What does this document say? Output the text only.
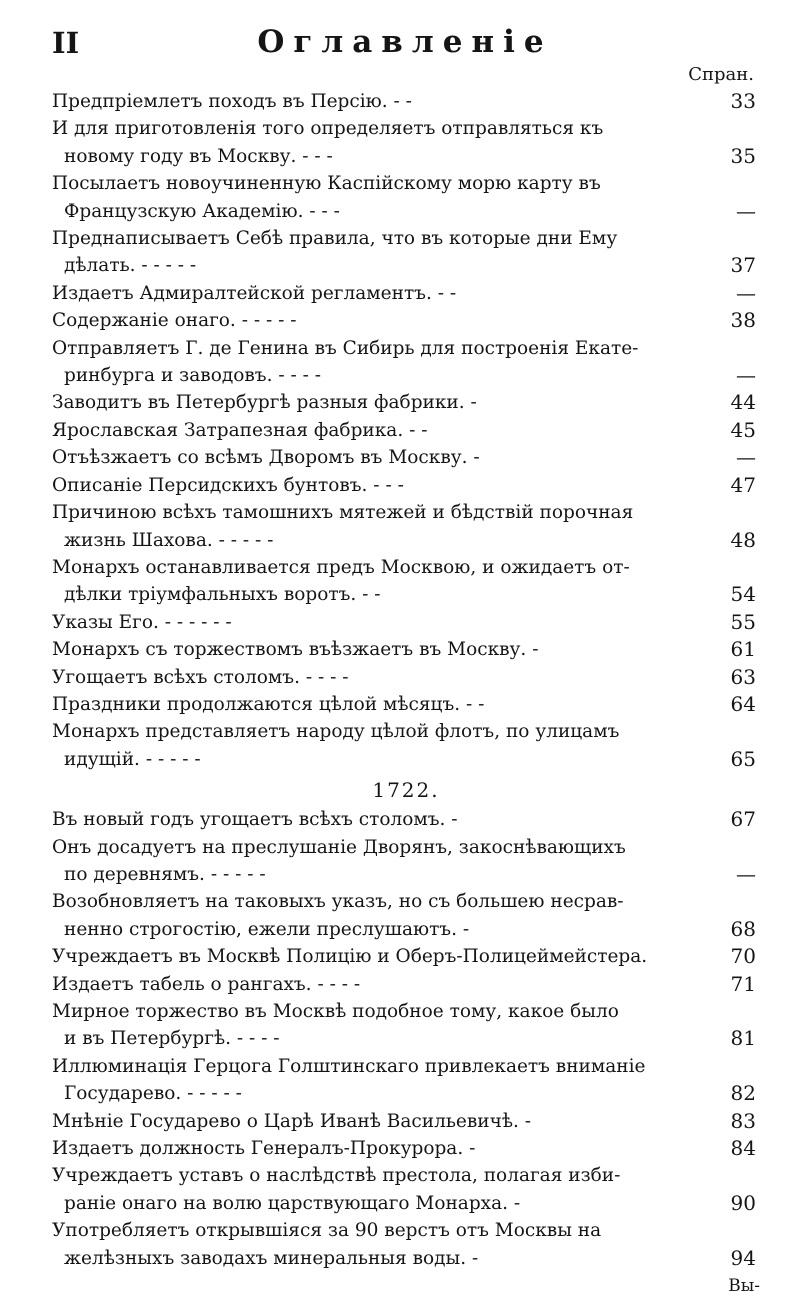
II	Оглавленіе
Спран.
Предпріемлетъ походъ въ Персію. - -	33
И для приготовленія того определяетъ отправляться къ
новому году въ Москву. - - -	35
Посылаетъ новоучиненную Каспійскому морю карту въ
Французскую Академію. - - -	—
Преднаписываетъ Себѣ правила, что въ которые дни Ему
дѣлать. - - - - -	37
Издаетъ Адмиралтейской регламентъ. - -	—
Содержаніе онаго. - - - - -	38
Отправляетъ Г. де Генина въ Сибирь для построенія Екате-
ринбурга и заводовъ. - - - -	—
Заводитъ въ Петербургѣ разныя фабрики. -	44
Ярославская Затрапезная фабрика. - -	45
Отъѣзжаетъ со всѣмъ Дворомъ въ Москву. -	—
Описаніе Персидскихъ бунтовъ. - - -	47
Причиною всѣхъ тамошнихъ мятежей и бѣдствій порочная
жизнь Шахова. - - - - -	48
Монархъ останавливается предъ Москвою, и ожидаетъ от-
дѣлки тріумфальныхъ воротъ. - -	54
Указы Его. - - - - - -	55
Монархъ съ торжествомъ въѣзжаетъ въ Москву. -	61
Угощаетъ всѣхъ столомъ. - - - -	63
Праздники продолжаются цѣлой мѣсяцъ. - -	64
Монархъ представляетъ народу цѣлой флотъ, по улицамъ
идущій. - - - - -	65
1722.
Въ новый годъ угощаетъ всѣхъ столомъ. -	67
Онъ досадуетъ на преслушаніе Дворянъ, закоснѣвающихъ
по деревнямъ. - - - - -	—
Возобновляетъ на таковыхъ указъ, но съ большею несрав-
ненно строгостію, ежели преслушаютъ. -	68
Учреждаетъ въ Москвѣ Полицію и Оберъ-Полицеймейстера.	70
Издаетъ табель о рангахъ. - - - -	71
Мирное торжество въ Москвѣ подобное тому, какое было
и въ Петербургѣ. - - - -	81
Иллюминація Герцога Голштинскаго привлекаетъ вниманіе
Государево. - - - - -	82
Мнѣніе Государево о Царѣ Иванѣ Васильевичѣ. -	83
Издаетъ должность Генералъ-Прокурора. -	84
Учреждаетъ уставъ о наслѣдствѣ престола, полагая изби-
раніе онаго на волю царствующаго Монарха. -	90
Употребляетъ открывшіяся за 90 верстъ отъ Москвы на
желѣзныхъ заводахъ минеральныя воды. -	94
Вы-
